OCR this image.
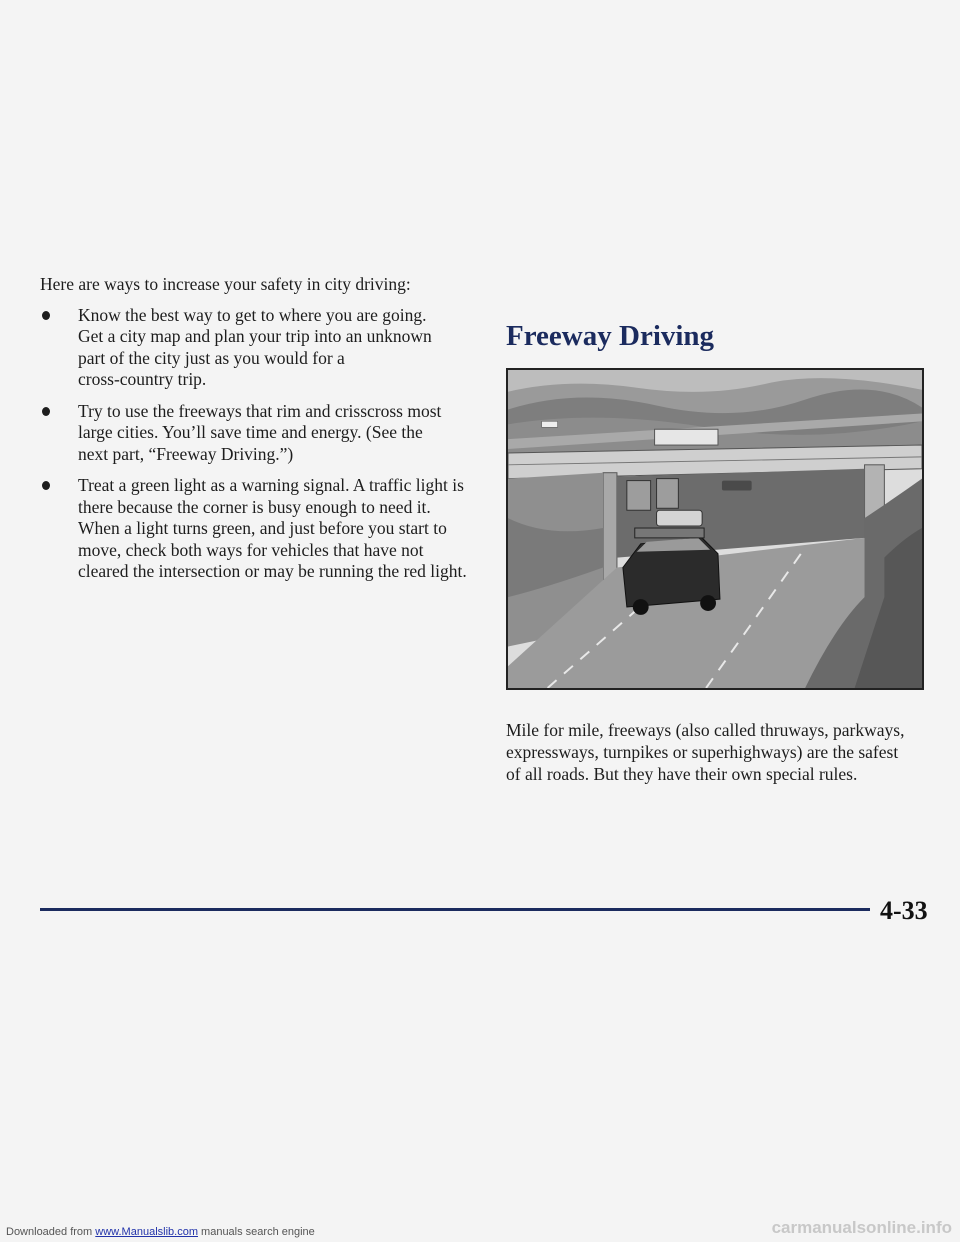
Here are ways to increase your safety in city driving:

Know the best way to get to where you are going.
Get a city map and plan your trip into an unknown
part of the city just as you would for a
cross-country trip.
Try to use the freeways that rim and crisscross most
large cities. You’ll save time and energy. (See the
next part, “Freeway Driving.”)
Treat a green light as a warning signal. A traffic light is
there because the corner is busy enough to need it.
When a light turns green, and just before you start to
move, check both ways for vehicles that have not
cleared the intersection or may be running the red light.
Freeway Driving
Mile for mile, freeways (also called thruways, parkways,
expressways, turnpikes or superhighways) are the safest
of all roads. But they have their own special rules.
4-33
Downloaded from www.Manualslib.com manuals search engine	carmanualsonline.info
